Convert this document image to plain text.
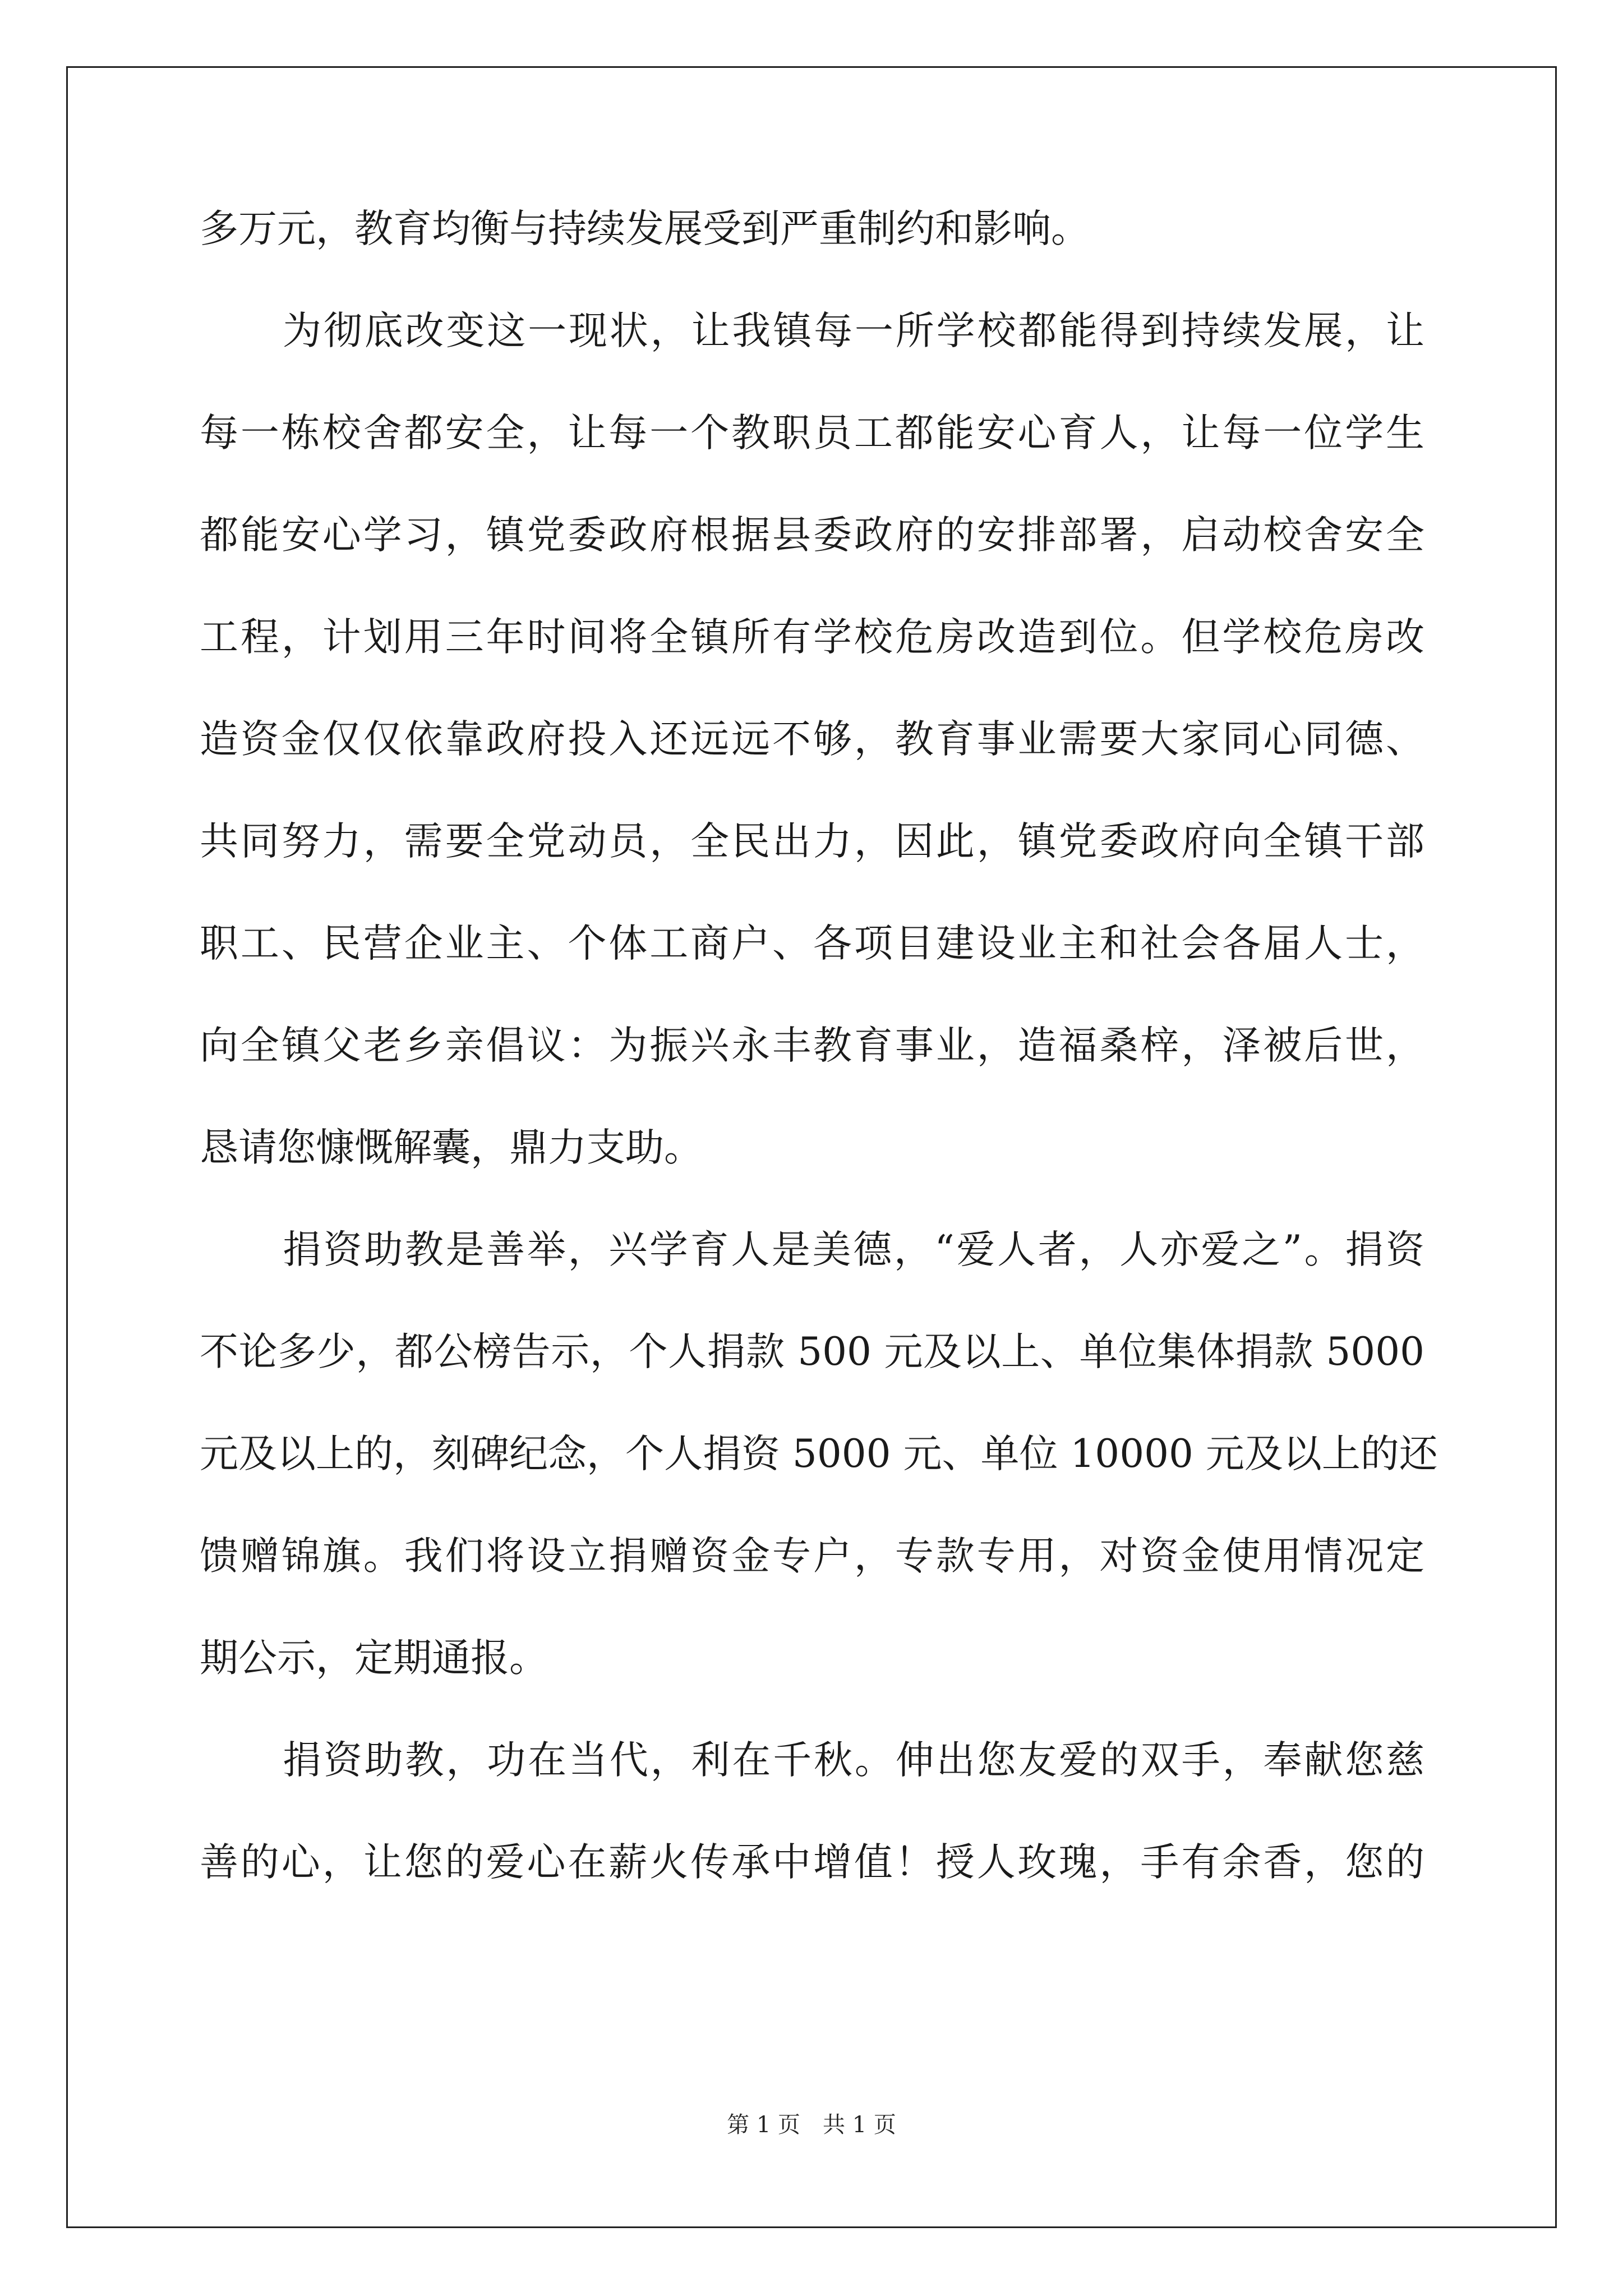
多万元，教育均衡与持续发展受到严重制约和影响。
为彻底改变这一现状，让我镇每一所学校都能得到持续发展，让
每一栋校舍都安全，让每一个教职员工都能安心育人，让每一位学生
都能安心学习，镇党委政府根据县委政府的安排部署，启动校舍安全
工程，计划用三年时间将全镇所有学校危房改造到位。但学校危房改
造资金仅仅依靠政府投入还远远不够，教育事业需要大家同心同德、
共同努力，需要全党动员，全民出力，因此，镇党委政府向全镇干部
职工、民营企业主、个体工商户、各项目建设业主和社会各届人士，
向全镇父老乡亲倡议：为振兴永丰教育事业，造福桑梓，泽被后世，
恳请您慷慨解囊，鼎力支助。
捐资助教是善举，兴学育人是美德，“爱人者，人亦爱之”。捐资
不论多少，都公榜告示，个人捐款 500 元及以上、单位集体捐款 5000
元及以上的，刻碑纪念，个人捐资 5000 元、单位 10000 元及以上的还
馈赠锦旗。我们将设立捐赠资金专户，专款专用，对资金使用情况定
期公示，定期通报。
捐资助教，功在当代，利在千秋。伸出您友爱的双手，奉献您慈
善的心，让您的爱心在薪火传承中增值！授人玫瑰，手有余香，您的
第 1 页　共 1 页
